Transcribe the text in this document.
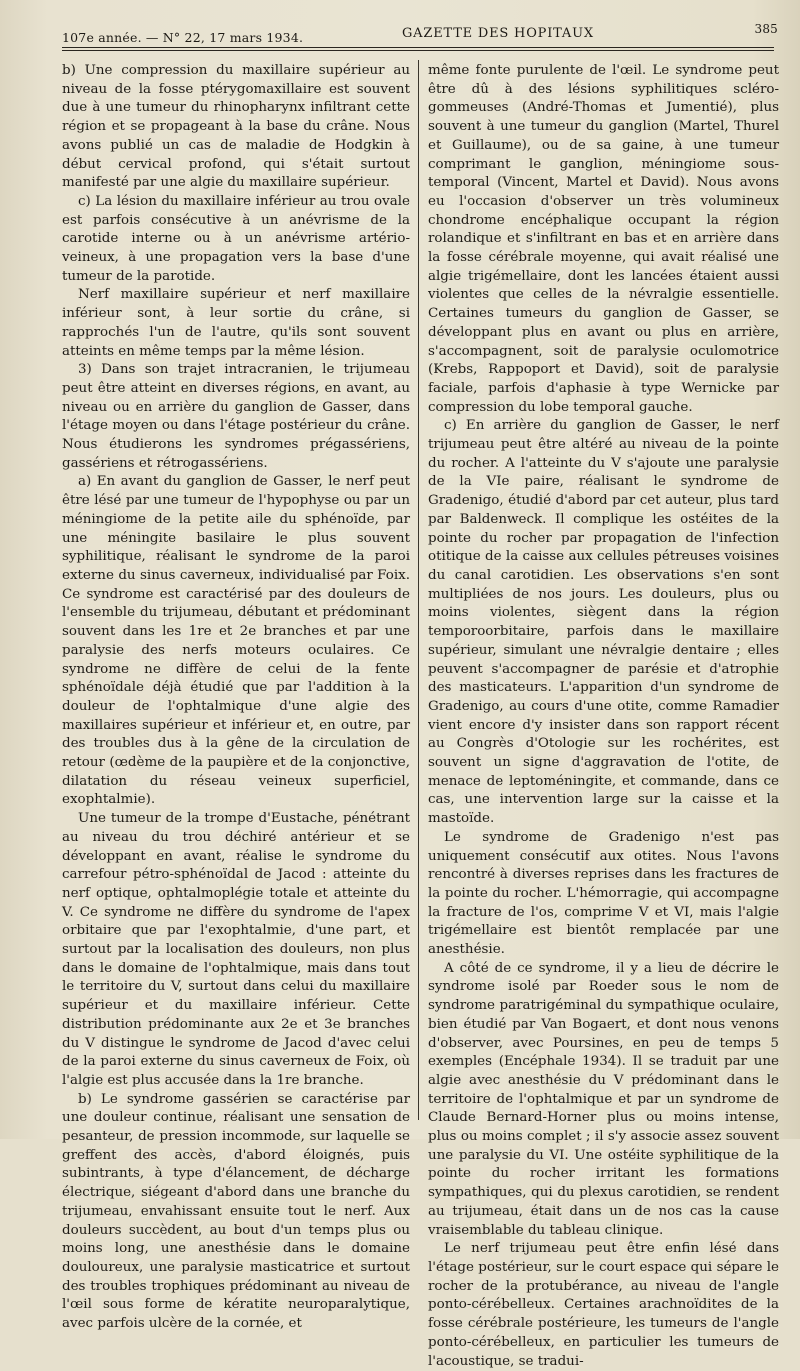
107e année. — N° 22, 17 mars 1934.	GAZETTE DES HOPITAUX	385

b) Une compression du maxillaire supérieur au niveau de la fosse ptérygomaxillaire est souvent due à une tumeur du rhinopharynx infiltrant cette région et se propageant à la base du crâne. Nous avons publié un cas de maladie de Hodgkin à début cervical profond, qui s'était surtout manifesté par une algie du maxillaire supérieur.

c) La lésion du maxillaire inférieur au trou ovale est parfois consécutive à un anévrisme de la carotide interne ou à un anévrisme artério-veineux, à une propagation vers la base d'une tumeur de la parotide.

Nerf maxillaire supérieur et nerf maxillaire inférieur sont, à leur sortie du crâne, si rapprochés l'un de l'autre, qu'ils sont souvent atteints en même temps par la même lésion.

3) Dans son trajet intracranien, le trijumeau peut être atteint en diverses régions, en avant, au niveau ou en arrière du ganglion de Gasser, dans l'étage moyen ou dans l'étage postérieur du crâne. Nous étudierons les syndromes prégassériens, gassériens et rétrogassériens.

a) En avant du ganglion de Gasser, le nerf peut être lésé par une tumeur de l'hypophyse ou par un méningiome de la petite aile du sphénoïde, par une méningite basilaire le plus souvent syphilitique, réalisant le syndrome de la paroi externe du sinus caverneux, individualisé par Foix. Ce syndrome est caractérisé par des douleurs de l'ensemble du trijumeau, débutant et prédominant souvent dans les 1re et 2e branches et par une paralysie des nerfs moteurs oculaires. Ce syndrome ne diffère de celui de la fente sphénoïdale déjà étudié que par l'addition à la douleur de l'ophtalmique d'une algie des maxillaires supérieur et inférieur et, en outre, par des troubles dus à la gêne de la circulation de retour (œdème de la paupière et de la conjonctive, dilatation du réseau veineux superficiel, exophtalmie).

Une tumeur de la trompe d'Eustache, pénétrant au niveau du trou déchiré antérieur et se développant en avant, réalise le syndrome du carrefour pétro-sphénoïdal de Jacod : atteinte du nerf optique, ophtalmoplégie totale et atteinte du V. Ce syndrome ne diffère du syndrome de l'apex orbitaire que par l'exophtalmie, d'une part, et surtout par la localisation des douleurs, non plus dans le domaine de l'ophtalmique, mais dans tout le territoire du V, surtout dans celui du maxillaire supérieur et du maxillaire inférieur. Cette distribution prédominante aux 2e et 3e branches du V distingue le syndrome de Jacod d'avec celui de la paroi externe du sinus caverneux de Foix, où l'algie est plus accusée dans la 1re branche.

b) Le syndrome gassérien se caractérise par une douleur continue, réalisant une sensation de pesanteur, de pression incommode, sur laquelle se greffent des accès, d'abord éloignés, puis subintrants, à type d'élancement, de décharge électrique, siégeant d'abord dans une branche du trijumeau, envahissant ensuite tout le nerf. Aux douleurs succèdent, au bout d'un temps plus ou moins long, une anesthésie dans le domaine douloureux, une paralysie masticatrice et surtout des troubles trophiques prédominant au niveau de l'œil sous forme de kératite neuroparalytique, avec parfois ulcère de la cornée, et

même fonte purulente de l'œil. Le syndrome peut être dû à des lésions syphilitiques scléro-gommeuses (André-Thomas et Jumentié), plus souvent à une tumeur du ganglion (Martel, Thurel et Guillaume), ou de sa gaine, à une tumeur comprimant le ganglion, méningiome sous-temporal (Vincent, Martel et David). Nous avons eu l'occasion d'observer un très volumineux chondrome encéphalique occupant la région rolandique et s'infiltrant en bas et en arrière dans la fosse cérébrale moyenne, qui avait réalisé une algie trigémellaire, dont les lancées étaient aussi violentes que celles de la névralgie essentielle. Certaines tumeurs du ganglion de Gasser, se développant plus en avant ou plus en arrière, s'accompagnent, soit de paralysie oculomotrice (Krebs, Rappoport et David), soit de paralysie faciale, parfois d'aphasie à type Wernicke par compression du lobe temporal gauche.

c) En arrière du ganglion de Gasser, le nerf trijumeau peut être altéré au niveau de la pointe du rocher. A l'atteinte du V s'ajoute une paralysie de la VIe paire, réalisant le syndrome de Gradenigo, étudié d'abord par cet auteur, plus tard par Baldenweck. Il complique les ostéites de la pointe du rocher par propagation de l'infection otitique de la caisse aux cellules pétreuses voisines du canal carotidien. Les observations s'en sont multipliées de nos jours. Les douleurs, plus ou moins violentes, siègent dans la région temporoorbitaire, parfois dans le maxillaire supérieur, simulant une névralgie dentaire ; elles peuvent s'accompagner de parésie et d'atrophie des masticateurs. L'apparition d'un syndrome de Gradenigo, au cours d'une otite, comme Ramadier vient encore d'y insister dans son rapport récent au Congrès d'Otologie sur les rochérites, est souvent un signe d'aggravation de l'otite, de menace de leptoméningite, et commande, dans ce cas, une intervention large sur la caisse et la mastoïde.

Le syndrome de Gradenigo n'est pas uniquement consécutif aux otites. Nous l'avons rencontré à diverses reprises dans les fractures de la pointe du rocher. L'hémorragie, qui accompagne la fracture de l'os, comprime V et VI, mais l'algie trigémellaire est bientôt remplacée par une anesthésie.

A côté de ce syndrome, il y a lieu de décrire le syndrome isolé par Roeder sous le nom de syndrome paratrigéminal du sympathique oculaire, bien étudié par Van Bogaert, et dont nous venons d'observer, avec Poursines, en peu de temps 5 exemples (Encéphale 1934). Il se traduit par une algie avec anesthésie du V prédominant dans le territoire de l'ophtalmique et par un syndrome de Claude Bernard-Horner plus ou moins intense, plus ou moins complet ; il s'y associe assez souvent une paralysie du VI. Une ostéite syphilitique de la pointe du rocher irritant les formations sympathiques, qui du plexus carotidien, se rendent au trijumeau, était dans un de nos cas la cause vraisemblable du tableau clinique.

Le nerf trijumeau peut être enfin lésé dans l'étage postérieur, sur le court espace qui sépare le rocher de la protubérance, au niveau de l'angle ponto-cérébelleux. Certaines arachnoïdites de la fosse cérébrale postérieure, les tumeurs de l'angle ponto-cérébelleux, en particulier les tumeurs de l'acoustique, se tradui-
